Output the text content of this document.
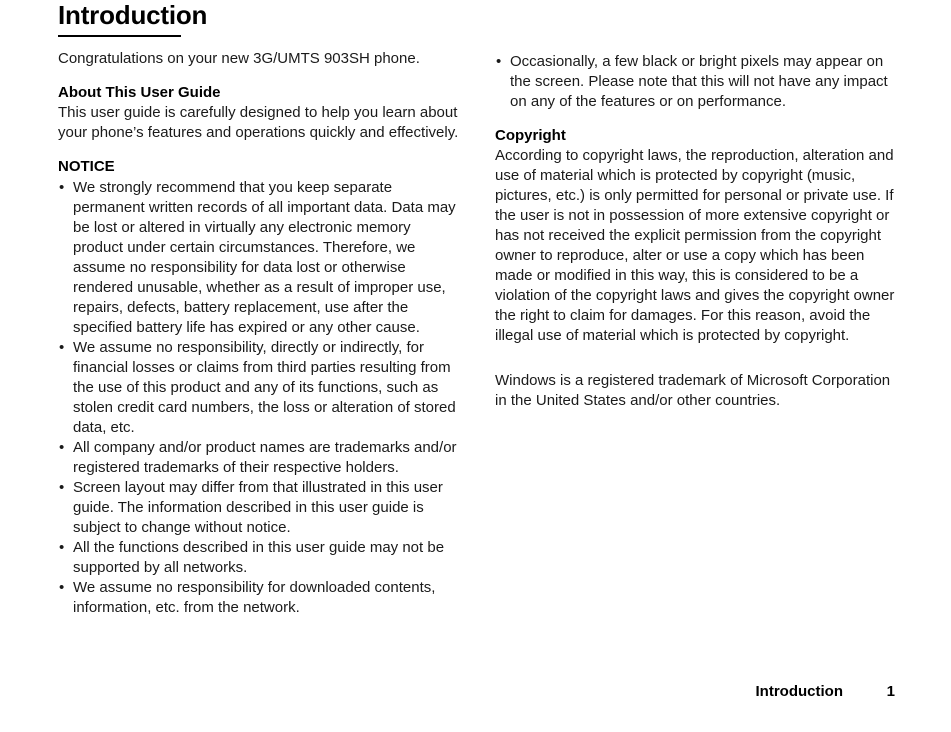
Introduction

Congratulations on your new 3G/UMTS 903SH phone.

About This User Guide

This user guide is carefully designed to help you learn about your phone’s features and operations quickly and effectively.

NOTICE
• We strongly recommend that you keep separate permanent written records of all important data. Data may be lost or altered in virtually any electronic memory product under certain circumstances. Therefore, we assume no responsibility for data lost or otherwise rendered unusable, whether as a result of improper use, repairs, defects, battery replacement, use after the specified battery life has expired or any other cause.
• We assume no responsibility, directly or indirectly, for financial losses or claims from third parties resulting from the use of this product and any of its functions, such as stolen credit card numbers, the loss or alteration of stored data, etc.
• All company and/or product names are trademarks and/or registered trademarks of their respective holders.
• Screen layout may differ from that illustrated in this user guide. The information described in this user guide is subject to change without notice.
• All the functions described in this user guide may not be supported by all networks.
• We assume no responsibility for downloaded contents, information, etc. from the network.
• Occasionally, a few black or bright pixels may appear on the screen. Please note that this will not have any impact on any of the features or on performance.
Copyright

According to copyright laws, the reproduction, alteration and use of material which is protected by copyright (music, pictures, etc.) is only permitted for personal or private use. If the user is not in possession of more extensive copyright or has not received the explicit permission from the copyright owner to reproduce, alter or use a copy which has been made or modified in this way, this is considered to be a violation of the copyright laws and gives the copyright owner the right to claim for damages. For this reason, avoid the illegal use of material which is protected by copyright.

Windows is a registered trademark of Microsoft Corporation in the United States and/or other countries.

Introduction	1
